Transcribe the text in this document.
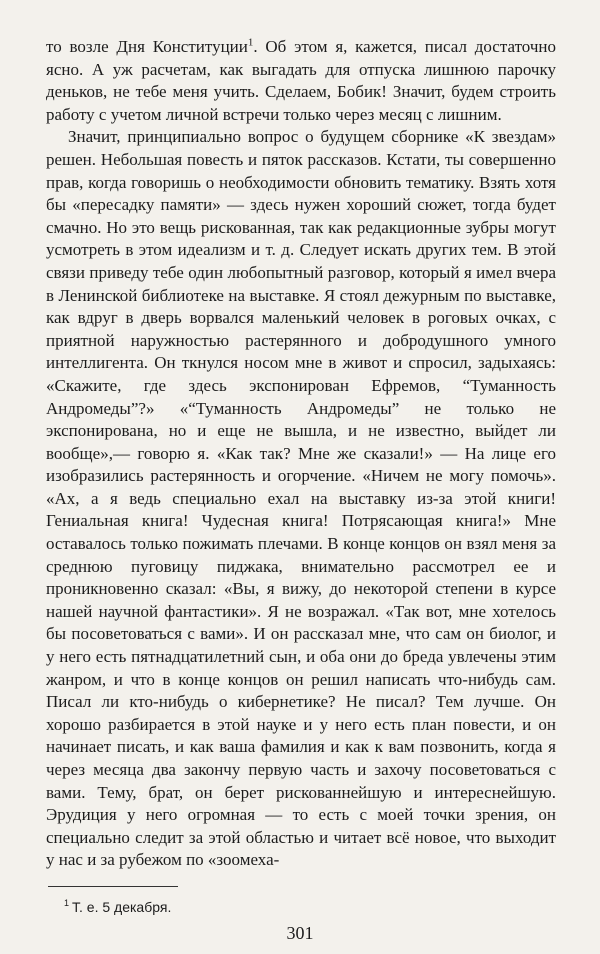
то возле Дня Конституции$^1$. Об этом я, кажется, писал достаточно ясно. А уж расчетам, как выгадать для отпуска лишнюю парочку деньков, не тебе меня учить. Сделаем, Бобик! Значит, будем строить работу с учетом личной встречи только через месяц с лишним.

Значит, принципиально вопрос о будущем сборнике «К звездам» решен. Небольшая повесть и пяток рассказов. Кстати, ты совершенно прав, когда говоришь о необходимости обновить тематику. Взять хотя бы «пересадку памяти» — здесь нужен хороший сюжет, тогда будет смачно. Но это вещь рискованная, так как редакционные зубры могут усмотреть в этом идеализм и т. д. Следует искать других тем. В этой связи приведу тебе один любопытный разговор, который я имел вчера в Ленинской библиотеке на выставке. Я стоял дежурным по выставке, как вдруг в дверь ворвался маленький человек в роговых очках, с приятной наружностью растерянного и добродушного умного интеллигента. Он ткнулся носом мне в живот и спросил, задыхаясь: «Скажите, где здесь экспонирован Ефремов, “Туманность Андромеды”?» «“Туманность Андромеды” не только не экспонирована, но и еще не вышла, и не известно, выйдет ли вообще»,— говорю я. «Как так? Мне же сказали!» — На лице его изобразились растерянность и огорчение. «Ничем не могу помочь». «Ах, а я ведь специально ехал на выставку из-за этой книги! Гениальная книга! Чудесная книга! Потрясающая книга!» Мне оставалось только пожимать плечами. В конце концов он взял меня за среднюю пуговицу пиджака, внимательно рассмотрел ее и проникновенно сказал: «Вы, я вижу, до некоторой степени в курсе нашей научной фантастики». Я не возражал. «Так вот, мне хотелось бы посоветоваться с вами». И он рассказал мне, что сам он биолог, и у него есть пятнадцатилетний сын, и оба они до бреда увлечены этим жанром, и что в конце концов он решил написать что-нибудь сам. Писал ли кто-нибудь о кибернетике? Не писал? Тем лучше. Он хорошо разбирается в этой науке и у него есть план повести, и он начинает писать, и как ваша фамилия и как к вам позвонить, когда я через месяца два закончу первую часть и захочу посоветоваться с вами. Тему, брат, он берет рискованнейшую и интереснейшую. Эрудиция у него огромная — то есть с моей точки зрения, он специально следит за этой областью и читает всё новое, что выходит у нас и за рубежом по «зоомеха-

$^1$ Т. е. 5 декабря.
301
